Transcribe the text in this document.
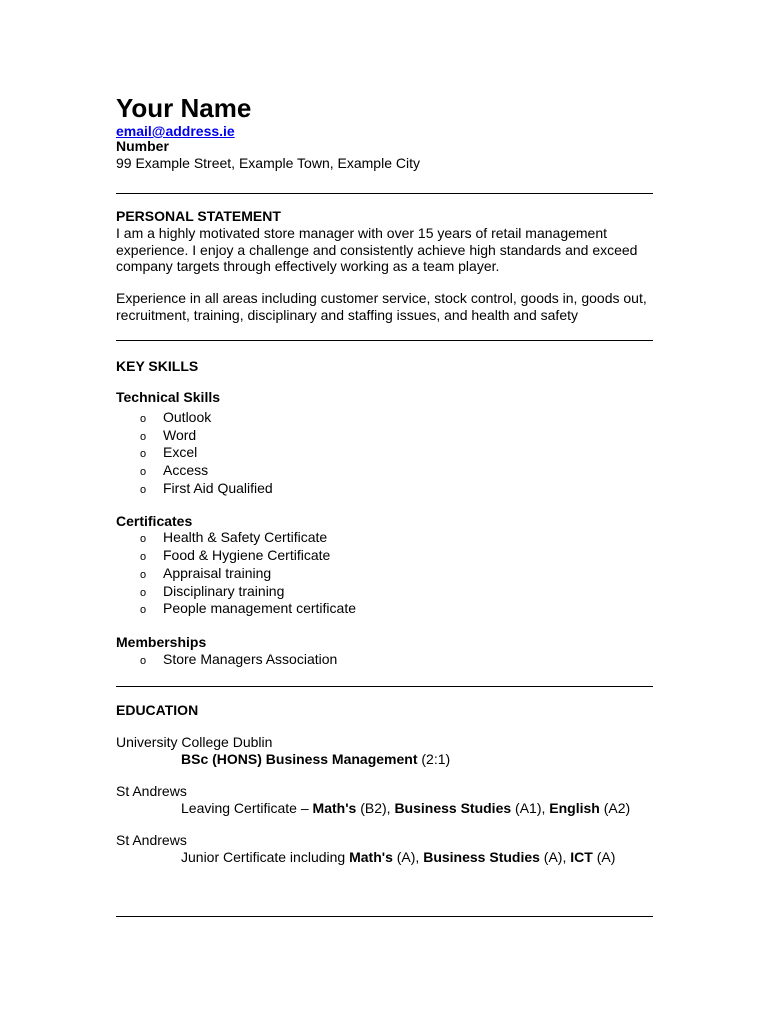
Your Name
email@address.ie
Number
99 Example Street, Example Town, Example City
PERSONAL STATEMENT
I am a highly motivated store manager with over 15 years of retail management experience. I enjoy a challenge and consistently achieve high standards and exceed company targets through effectively working as a team player.
Experience in all areas including customer service, stock control, goods in, goods out, recruitment, training, disciplinary and staffing issues, and health and safety
KEY SKILLS
Technical Skills
o Outlook
o Word
o Excel
o Access
o First Aid Qualified
Certificates
o Health & Safety Certificate
o Food & Hygiene Certificate
o Appraisal training
o Disciplinary training
o People management certificate
Memberships
o Store Managers Association
EDUCATION
University College Dublin
BSc (HONS) Business Management (2:1)
St Andrews
Leaving Certificate – Math's (B2), Business Studies (A1), English (A2)
St Andrews
Junior Certificate including Math's (A), Business Studies (A), ICT (A)
